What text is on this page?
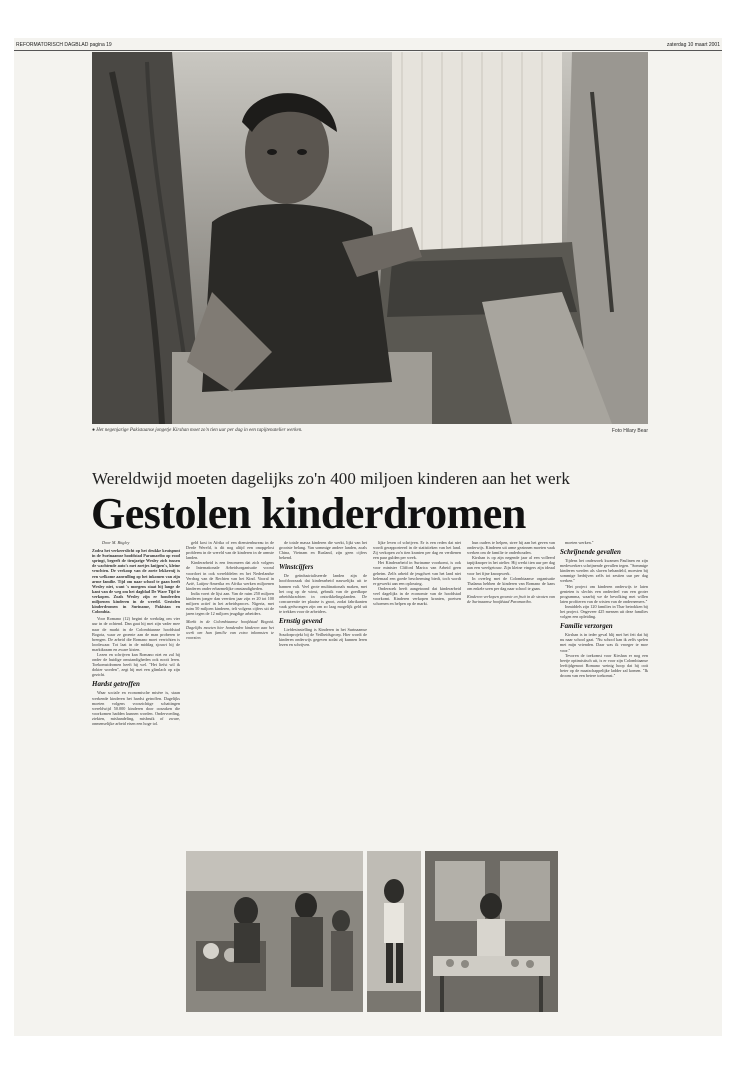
REFORMATORISCH DAGBLAD pagina 19	zaterdag 10 maart 2001
● Het negenjarige Pakistaanse jongetje Kirshan moet zo'n tien uur per dag in een tapijtenatelier werken.	Foto Hilary Bear
Wereldwijd moeten dagelijks zo'n 400 miljoen kinderen aan het werk
Gestolen kinderdromen

Door M. Bitgley

Zodra het verkeerslicht op het drukke kruispunt in de Surinaamse hoofdstad Paramaribo op rood springt, begeeft de tienjarige Wesley zich tussen de wachtende auto's met zoetjes knijpen's, kleine vruchten. De verkoop van de zoete lekkernij is een welkome aanvulling op het inkomen van zijn arme familie. Tijd om naar school te gaan heeft Wesley niet, want 's morgens staat hij lange de kant van de weg om het dagblad De Ware Tijd te verkopen. Zoals Wesley zijn er honderden miljoenen kinderen in de wereld. Gestolen kinderdromen in Suriname, Pakistan en Colombia.

Voor Romano (12) begint de werkdag om vier uur in de ochtend. Dan gaat hij met zijn vader mee naar de markt in de Colombiaanse hoofdstad Bogota, waar ze groente aan de man proberen te brengen. De arbeid die Romano moet verrichten is loodzwaar. Tot laat in de middag sjouwt hij de marktkraam en zware kisten.

Lezen en schrijven kan Romano niet en zal hij onder de huidige omstandigheden ook nooit leren. Toekomstdromen heeft hij wel. "Het liefst wil ik dokter worden", zegt hij met een glimlach op zijn gezicht.

Hardst getroffen

Waar sociale en economische misère is, staan werkende kinderen het hardst getroffen. Dagelijks moeten volgens voorzichtige schattingen wereldwijd 50.000 kinderen door oorzaken die voorkomen hadden kunnen worden. Ondervoeding, ziekten, mishandeling, misbruik of zware, onmenselijke arbeid eisen een hoge tol.

geld kost in Afrika of een dienstenbureau in de Derde Wereld, is dit nog altijd een onopgelost probleem in de wereld van de kinderen in de armste landen.

Kinderarbeid is een fenomeen dat zich volgens de Internationale Arbeidsorganisatie vooral voordoet in ook werelddelen en het Nederlandse Verdrag van de Rechten van het Kind. Vooral in Azië, Latijns-Amerika en Afrika werken miljoenen kinderen onder erbarmelijke omstandigheden.

India voert de lijst aan. Van de ruim 250 miljoen kinderen jonger dan veertien jaar zijn er 20 tot 100 miljoen actief in het arbeidsproces. Nigeria, met ruim 50 miljoen kinderen, telt volgens cijfers uit de jaren tegen de 12 miljoen jeugdige arbeiders.

Markt in de Colombiaanse hoofdstad Bogotá. Dagelijks moeten hier honderden kinderen aan het werk om hun familie van extra inkomsten te voorzien.

de totale massa kinderen die werkt, lijkt van het grootste belang. Van sommige andere landen, zoals China, Vietnam en Rusland, zijn geen cijfers bekend.

Winstcijfers

De geïndustrialiseerde landen zijn de hoofdoorzaak dat kinderarbeid nauwelijks uit te bannen valt. Veel grote multinationals maken, met het oog op de winst, gebruik van de goedkope arbeidskrachten in ontwikkelingslanden. De concurrentie ter plaatse is groot, zodat fabrikanten vaak gedwongen zijn om zo laag mogelijk geld uit te trekken voor de arbeiders.

Ernstig gevend

Liefdesinstelling is Kinderen in het Surinaamse Soudorprojekt bij de Veilheidsgroep. Hier wordt de kinderen onderwijs gegeven zodat zij kunnen leren lezen en schrijven.

lijke leven of schrijven. Er is een reden dat niet wordt gerapporteerd in de statistieken van het land. Zij verkopen zo'n tien kranten per dag en verdienen een paar gulden per week.

Het Kinderarbeid in Suriname voorkomt, is ook voor minister Clifford Marica van Arbeid geen geheim. Zelfs arbeid de jeugdwet van het land niet helemaal een goede bescherming biedt, toch wordt er gewerkt aan een oplossing.

Onderzoek heeft aangetoond dat kinderarbeid veel dagelijks in de economie van de hoofdstad voorkomt. Kinderen verkopen kranten, poetsen schoenen en helpen op de markt.

hun ouders te helpen, stree hij aan het geven van onderwijs. Kinderen uit arme gezinnen moeten vaak werken om de familie te onderhouden.

Kirshan is op zijn negende jaar al een volleerd tapijtknoper in het atelier. Hij werkt tien uur per dag aan een weefgetouw. Zijn kleine vingers zijn ideaal voor het fijne knoopwerk.

In overleg met de Colombiaanse organisatie Thalama hebben de kinderen van Romano de kans om enkele uren per dag naar school te gaan.

Kinderen verkopen groente en fruit in de straten van de Surinaamse hoofdstad Paramaribo.

moeten werken."

Schrijnende gevallen

Tijdens het onderzoek kwamen Paulinen en zijn medewerkers schrijnende gevallen tegen. "Sommige kinderen werden als slaven behandeld, moesten bij sommige bedrijven zelfs tot zestien uur per dag werken."

"Het project om kinderen onderwijs te laten genieten is slechts een onderdeel van een groter programma, waarbij we de bevolking met willen laten profiteren van de wisten van de ondernemers."

Inmiddels zijn 120 families in Thar betrokken bij het project. Ongeveer 425 mensen uit deze families volgen een opleiding.

Familie verzorgen

Kirshan is in ieder geval blij met het feit dat hij nu naar school gaat. "Nu school kan ik zelfs spelen met mijn vrienden. Daar was ik vroeger te moe voor."

Tevoren de toekomst voor Kirshan er nog een beetje optimistisch uit, is er voor zijn Colombiaanse leeftijdgenoot Romano weinig hoop dat hij ooit beter op de maatschappelijke ladder zal komen. "Ik droom van een betere toekomst."
